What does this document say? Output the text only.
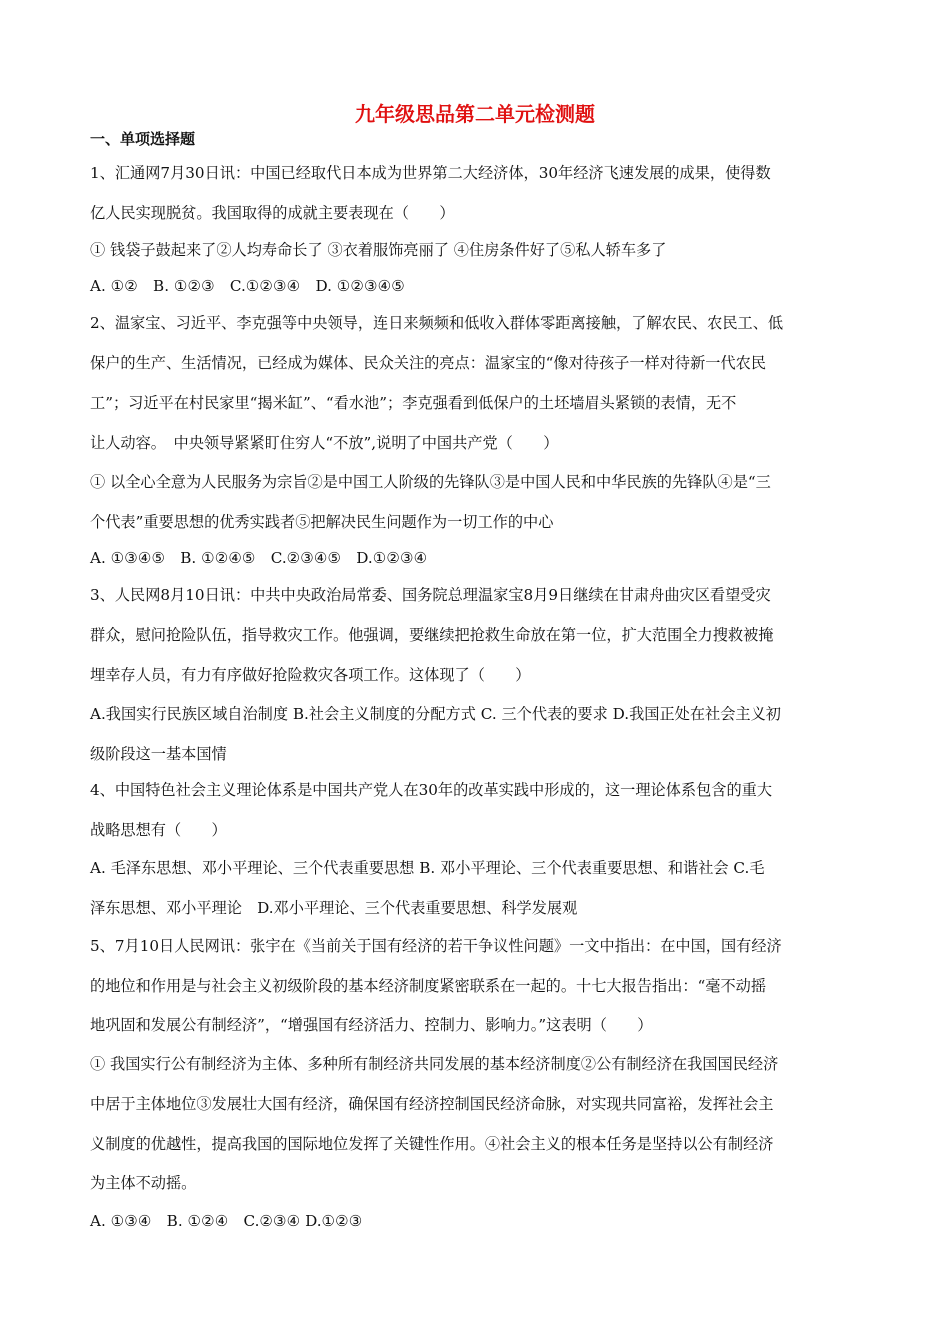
九年级思品第二单元检测题
一、单项选择题
1、汇通网7月30日讯：中国已经取代日本成为世界第二大经济体，30年经济飞速发展的成果，使得数
亿人民实现脱贫。我国取得的成就主要表现在（　　）
① 钱袋子鼓起来了②人均寿命长了 ③衣着服饰亮丽了 ④住房条件好了⑤私人轿车多了
A. ①②　B. ①②③　C.①②③④　D. ①②③④⑤
2、温家宝、习近平、李克强等中央领导，连日来频频和低收入群体零距离接触，了解农民、农民工、低
保户的生产、生活情况，已经成为媒体、民众关注的亮点：温家宝的“像对待孩子一样对待新一代农民
工”；习近平在村民家里“揭米缸”、“看水池”；李克强看到低保户的土坯墙眉头紧锁的表情，无不
让人动容。　中央领导紧紧盯住穷人“不放”,说明了中国共产党（　　）
① 以全心全意为人民服务为宗旨②是中国工人阶级的先锋队③是中国人民和中华民族的先锋队④是“三
个代表”重要思想的优秀实践者⑤把解决民生问题作为一切工作的中心
A. ①③④⑤　B. ①②④⑤　C.②③④⑤　D.①②③④
3、人民网8月10日讯：中共中央政治局常委、国务院总理温家宝8月9日继续在甘肃舟曲灾区看望受灾
群众，慰问抢险队伍，指导救灾工作。他强调，要继续把抢救生命放在第一位，扩大范围全力搜救被掩
埋幸存人员，有力有序做好抢险救灾各项工作。这体现了（　　）
A.我国实行民族区域自治制度 B.社会主义制度的分配方式 C. 三个代表的要求 D.我国正处在社会主义初
级阶段这一基本国情
4、中国特色社会主义理论体系是中国共产党人在30年的改革实践中形成的，这一理论体系包含的重大
战略思想有（　　）
A. 毛泽东思想、邓小平理论、三个代表重要思想 B. 邓小平理论、三个代表重要思想、和谐社会 C.毛
泽东思想、邓小平理论　D.邓小平理论、三个代表重要思想、科学发展观
5、7月10日人民网讯：张宇在《当前关于国有经济的若干争议性问题》一文中指出：在中国，国有经济
的地位和作用是与社会主义初级阶段的基本经济制度紧密联系在一起的。十七大报告指出：“毫不动摇
地巩固和发展公有制经济”，“增强国有经济活力、控制力、影响力。”这表明（　　）
① 我国实行公有制经济为主体、多种所有制经济共同发展的基本经济制度②公有制经济在我国国民经济
中居于主体地位③发展壮大国有经济，确保国有经济控制国民经济命脉，对实现共同富裕，发挥社会主
义制度的优越性，提高我国的国际地位发挥了关键性作用。④社会主义的根本任务是坚持以公有制经济
为主体不动摇。
A. ①③④　B. ①②④　C.②③④ D.①②③
